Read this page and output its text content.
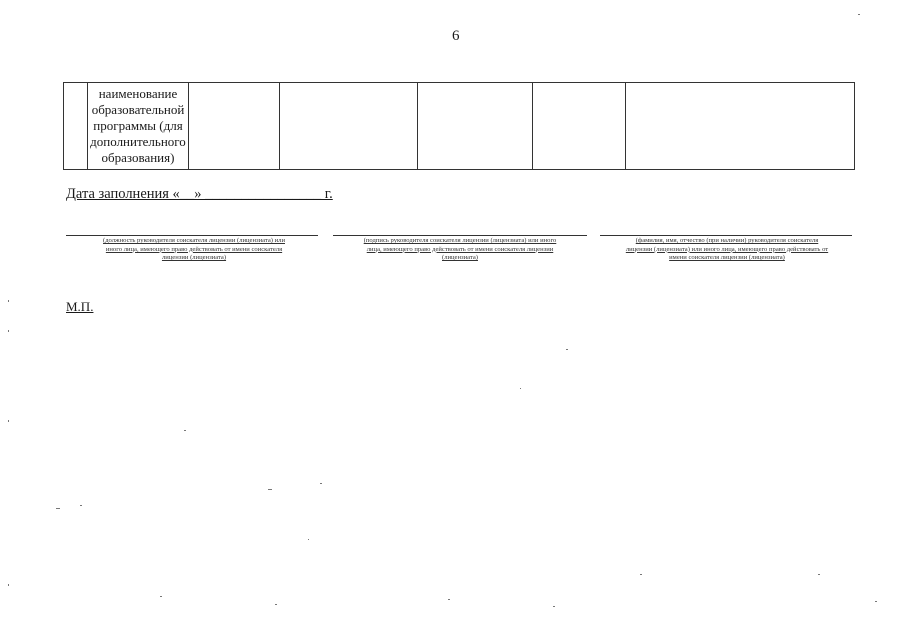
6
	наименование образовательной программы (для дополнительного образования)					
Дата заполнения «__» ________________ г.
(должность руководителя соискателя лицензии (лицензиата) или иного лица, имеющего право действовать от имени соискателя лицензии (лицензиата)
(подпись руководителя соискателя лицензии (лицензиата) или иного лица, имеющего право действовать от имени соискателя лицензии (лицензиата)
(фамилия, имя, отчество (при наличии) руководителя соискателя лицензии (лицензиата) или иного лица, имеющего право действовать от имени соискателя лицензии (лицензиата)
М.П.
